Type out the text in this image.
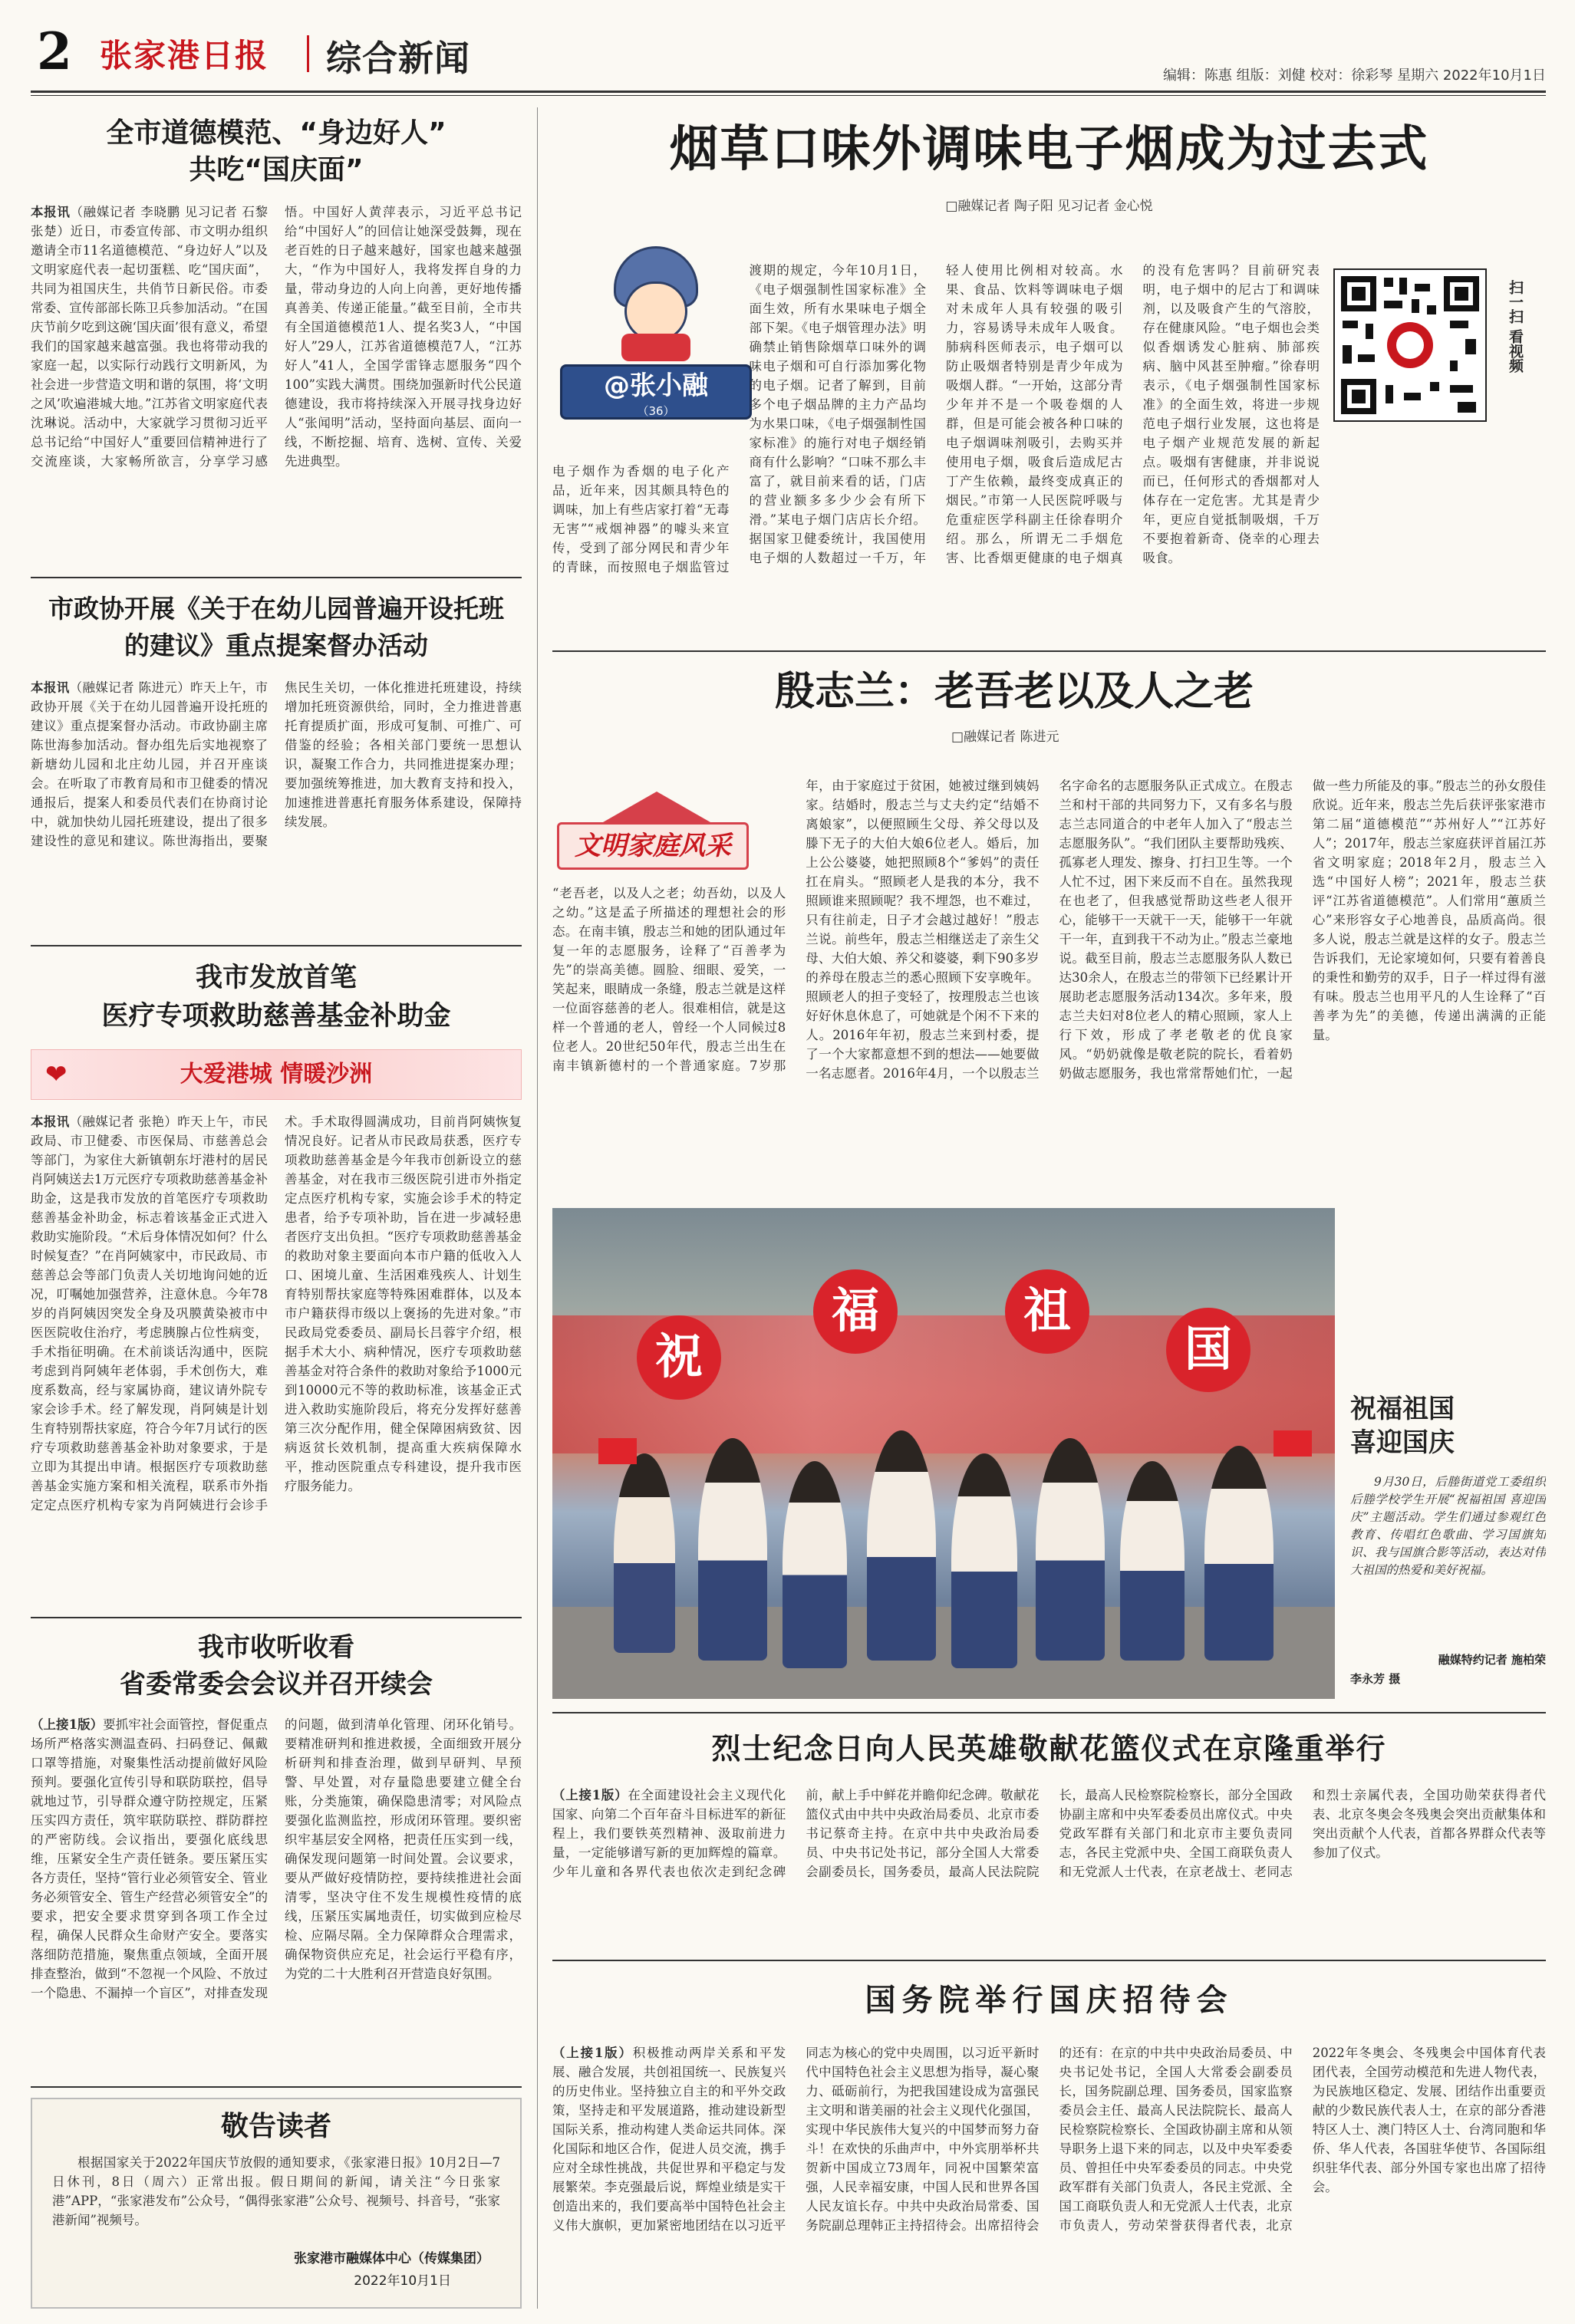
2 张家港日报 综合新闻	编辑：陈惠 组版：刘健 校对：徐彩琴 星期六 2022年10月1日
全市道德模范、“身边好人”
共吃“国庆面”
本报讯（融媒记者 李晓鹏 见习记者 石黎 张楚）近日，市委宣传部、市文明办组织邀请全市11名道德模范、“身边好人”以及文明家庭代表一起切蛋糕、吃“国庆面”，共同为祖国庆生，共俏节日新民俗。市委常委、宣传部部长陈卫兵参加活动。“在国庆节前夕吃到这碗‘国庆面’很有意义，希望我们的国家越来越富强。我也将带动我的家庭一起，以实际行动践行文明新风，为社会进一步营造文明和谐的氛围，将‘文明之风’吹遍港城大地。”江苏省文明家庭代表沈琳说。活动中，大家就学习贯彻习近平总书记给“中国好人”重要回信精神进行了交流座谈，大家畅所欲言，分享学习感悟。中国好人黄萍表示，习近平总书记给“中国好人”的回信让她深受鼓舞，现在老百姓的日子越来越好，国家也越来越强大，“作为中国好人，我将发挥自身的力量，带动身边的人向上向善，更好地传播真善美、传递正能量。”截至目前，全市共有全国道德模范1人、提名奖3人，“中国好人”29人，江苏省道德模范7人，“江苏好人”41人，全国学雷锋志愿服务“四个100”实践大满贯。围绕加强新时代公民道德建设，我市将持续深入开展寻找身边好人“张闻明”活动，坚持面向基层、面向一线，不断挖掘、培育、选树、宣传、关爱先进典型。
市政协开展《关于在幼儿园普遍开设托班
的建议》重点提案督办活动
本报讯（融媒记者 陈进元）昨天上午，市政协开展《关于在幼儿园普遍开设托班的建议》重点提案督办活动。市政协副主席陈世海参加活动。督办组先后实地视察了新塘幼儿园和北庄幼儿园，并召开座谈会。在听取了市教育局和市卫健委的情况通报后，提案人和委员代表们在协商讨论中，就加快幼儿园托班建设，提出了很多建设性的意见和建议。陈世海指出，要聚焦民生关切，一体化推进托班建设，持续增加托班资源供给，同时，全力推进普惠托育提质扩面，形成可复制、可推广、可借鉴的经验；各相关部门要统一思想认识，凝聚工作合力，共同推进提案办理；要加强统筹推进，加大教育支持和投入，加速推进普惠托育服务体系建设，保障持续发展。
我市发放首笔
医疗专项救助慈善基金补助金
❤	大爱港城 情暖沙洲
本报讯（融媒记者 张艳）昨天上午，市民政局、市卫健委、市医保局、市慈善总会等部门，为家住大新镇朝东圩港村的居民肖阿姨送去1万元医疗专项救助慈善基金补助金，这是我市发放的首笔医疗专项救助慈善基金补助金，标志着该基金正式进入救助实施阶段。“术后身体情况如何？什么时候复查？”在肖阿姨家中，市民政局、市慈善总会等部门负责人关切地询问她的近况，叮嘱她加强营养，注意休息。今年78岁的肖阿姨因突发全身及巩膜黄染被市中医医院收住治疗，考虑胰腺占位性病变，手术指征明确。在术前谈话沟通中，医院考虑到肖阿姨年老体弱，手术创伤大，难度系数高，经与家属协商，建议请外院专家会诊手术。经了解发现，肖阿姨是计划生育特别帮扶家庭，符合今年7月试行的医疗专项救助慈善基金补助对象要求，于是立即为其提出申请。根据医疗专项救助慈善基金实施方案和相关流程，联系市外指定定点医疗机构专家为肖阿姨进行会诊手术。手术取得圆满成功，目前肖阿姨恢复情况良好。记者从市民政局获悉，医疗专项救助慈善基金是今年我市创新设立的慈善基金，对在我市三级医院引进市外指定定点医疗机构专家，实施会诊手术的特定患者，给予专项补助，旨在进一步减轻患者医疗支出负担。“医疗专项救助慈善基金的救助对象主要面向本市户籍的低收入人口、困境儿童、生活困难残疾人、计划生育特别帮扶家庭等特殊困难群体，以及本市户籍获得市级以上褒扬的先进对象。”市民政局党委委员、副局长吕蓉宇介绍，根据手术大小、病种情况，医疗专项救助慈善基金对符合条件的救助对象给予1000元到10000元不等的救助标准，该基金正式进入救助实施阶段后，将充分发挥好慈善第三次分配作用，健全保障困病致贫、因病返贫长效机制，提高重大疾病保障水平，推动医院重点专科建设，提升我市医疗服务能力。
我市收听收看
省委常委会会议并召开续会
（上接1版）要抓牢社会面管控，督促重点场所严格落实测温查码、扫码登记、佩戴口罩等措施，对聚集性活动提前做好风险预判。要强化宣传引导和联防联控，倡导就地过节，引导群众遵守防控规定，压紧压实四方责任，筑牢联防联控、群防群控的严密防线。会议指出，要强化底线思维，压紧安全生产责任链条。要压紧压实各方责任，坚持“管行业必须管安全、管业务必须管安全、管生产经营必须管安全”的要求，把安全要求贯穿到各项工作全过程，确保人民群众生命财产安全。要落实落细防范措施，聚焦重点领域，全面开展排查整治，做到“不忽视一个风险、不放过一个隐患、不漏掉一个盲区”，对排查发现的问题，做到清单化管理、闭环化销号。要精准研判和推进救援，全面细致开展分析研判和排查治理，做到早研判、早预警、早处置，对存量隐患要建立健全台账，分类施策，确保隐患清零；对风险点要强化监测监控，形成闭环管理。要织密织牢基层安全网格，把责任压实到一线，确保发现问题第一时间处置。会议要求，要从严做好疫情防控，要持续推进社会面清零，坚决守住不发生规模性疫情的底线，压紧压实属地责任，切实做到应检尽检、应隔尽隔。全力保障群众合理需求，确保物资供应充足，社会运行平稳有序，为党的二十大胜利召开营造良好氛围。
敬告读者
根据国家关于2022年国庆节放假的通知要求，《张家港日报》10月2日—7日休刊，8日（周六）正常出报。假日期间的新闻，请关注“今日张家港”APP，“张家港发布”公众号，“偶得张家港”公众号、视频号、抖音号，“张家港新闻”视频号。
张家港市融媒体中心（传媒集团）
2022年10月1日
烟草口味外调味电子烟成为过去式
□融媒记者 陶子阳 见习记者 金心悦
@张小融
（36）
扫一扫 看视频
电子烟作为香烟的电子化产品，近年来，因其颇具特色的调味，加上有些店家打着“无毒无害”“戒烟神器”的噱头来宣传，受到了部分网民和青少年的青睐，而按照电子烟监管过渡期的规定，今年10月1日，《电子烟强制性国家标准》全面生效，所有水果味电子烟全部下架。《电子烟管理办法》明确禁止销售除烟草口味外的调味电子烟和可自行添加雾化物的电子烟。记者了解到，目前多个电子烟品牌的主力产品均为水果口味，《电子烟强制性国家标准》的施行对电子烟经销商有什么影响？“口味不那么丰富了，就目前来看的话，门店的营业额多多少少会有所下滑。”某电子烟门店店长介绍。据国家卫健委统计，我国使用电子烟的人数超过一千万，年轻人使用比例相对较高。水果、食品、饮料等调味电子烟对未成年人具有较强的吸引力，容易诱导未成年人吸食。肺病科医师表示，电子烟可以防止吸烟者特别是青少年成为吸烟人群。“一开始，这部分青少年并不是一个吸卷烟的人群，但是可能会被各种口味的电子烟调味剂吸引，去购买并使用电子烟，吸食后造成尼古丁产生依赖，最终变成真正的烟民。”市第一人民医院呼吸与危重症医学科副主任徐春明介绍。那么，所谓无二手烟危害、比香烟更健康的电子烟真的没有危害吗？目前研究表明，电子烟中的尼古丁和调味剂，以及吸食产生的气溶胶，存在健康风险。“电子烟也会类似香烟诱发心脏病、肺部疾病、脑中风甚至肿瘤。”徐春明表示，《电子烟强制性国家标准》的全面生效，将进一步规范电子烟行业发展，这也将是电子烟产业规范发展的新起点。吸烟有害健康，并非说说而已，任何形式的香烟都对人体存在一定危害。尤其是青少年，更应自觉抵制吸烟，千万不要抱着新奇、侥幸的心理去吸食。
殷志兰：老吾老以及人之老
□融媒记者 陈进元
文明家庭风采
“老吾老，以及人之老；幼吾幼，以及人之幼。”这是孟子所描述的理想社会的形态。在南丰镇，殷志兰和她的团队通过年复一年的志愿服务，诠释了“百善孝为先”的崇高美德。圆脸、细眼、爱笑，一笑起来，眼睛成一条缝，殷志兰就是这样一位面容慈善的老人。很难相信，就是这样一个普通的老人，曾经一个人同候过8位老人。20世纪50年代，殷志兰出生在南丰镇新德村的一个普通家庭。7岁那年，由于家庭过于贫困，她被过继到姨妈家。结婚时，殷志兰与丈夫约定“结婚不离娘家”，以便照顾生父母、养父母以及滕下无子的大伯大娘6位老人。婚后，加上公公婆婆，她把照顾8个“爹妈”的责任扛在肩头。“照顾老人是我的本分，我不照顾谁来照顾呢？我不埋怨，也不难过，只有往前走，日子才会越过越好！”殷志兰说。前些年，殷志兰相继送走了亲生父母、大伯大娘、养父和婆婆，剩下90多岁的养母在殷志兰的悉心照顾下安享晚年。照顾老人的担子变轻了，按理殷志兰也该好好休息休息了，可她就是个闲不下来的人。2016年年初，殷志兰来到村委，提了一个大家都意想不到的想法——她要做一名志愿者。2016年4月，一个以殷志兰名字命名的志愿服务队正式成立。在殷志兰和村干部的共同努力下，又有多名与殷志兰志同道合的中老年人加入了“殷志兰志愿服务队”。“我们团队主要帮助残疾、孤寡老人理发、擦身、打扫卫生等。一个人忙不过，困下来反而不自在。虽然我现在也老了，但我感觉帮助这些老人很开心，能够干一天就干一天，能够干一年就干一年，直到我干不动为止。”殷志兰豪地说。截至目前，殷志兰志愿服务队人数已达30余人，在殷志兰的带领下已经累计开展助老志愿服务活动134次。多年来，殷志兰夫妇对8位老人的精心照顾，家人上行下效，形成了孝老敬老的优良家风。“奶奶就像是敬老院的院长，看着奶奶做志愿服务，我也常常帮她们忙，一起做一些力所能及的事。”殷志兰的孙女殷佳欣说。近年来，殷志兰先后获评张家港市第二届“道德模范”“苏州好人”“江苏好人”；2017年，殷志兰家庭获评首届江苏省文明家庭；2018年2月，殷志兰入选“中国好人榜”；2021年，殷志兰获评“江苏省道德模范”。人们常用“蕙质兰心”来形容女子心地善良，品质高尚。很多人说，殷志兰就是这样的女子。殷志兰告诉我们，无论家境如何，只要有着善良的秉性和勤劳的双手，日子一样过得有滋有味。殷志兰也用平凡的人生诠释了“百善孝为先”的美德，传递出满满的正能量。
祝
福	祖
国
祝福祖国
喜迎国庆
9月30日，后塍街道党工委组织后塍学校学生开展“祝福祖国 喜迎国庆”主题活动。学生们通过参观红色教育、传唱红色歌曲、学习国旗知识、我与国旗合影等活动，表达对伟大祖国的热爱和美好祝福。
融媒特约记者 施柏荣
李永芳 摄
烈士纪念日向人民英雄敬献花篮仪式在京隆重举行
（上接1版）在全面建设社会主义现代化国家、向第二个百年奋斗目标进军的新征程上，我们要铁英烈精神、汲取前进力量，一定能够谱写新的更加辉煌的篇章。少年儿童和各界代表也依次走到纪念碑前，献上手中鲜花并瞻仰纪念碑。敬献花篮仪式由中共中央政治局委员、北京市委书记蔡奇主持。在京中共中央政治局委员、中央书记处书记，部分全国人大常委会副委员长，国务委员，最高人民法院院长，最高人民检察院检察长，部分全国政协副主席和中央军委委员出席仪式。中央党政军群有关部门和北京市主要负责同志，各民主党派中央、全国工商联负责人和无党派人士代表，在京老战士、老同志和烈士亲属代表，全国功勋荣获得者代表、北京冬奥会冬残奥会突出贡献集体和突出贡献个人代表，首都各界群众代表等参加了仪式。
国务院举行国庆招待会
（上接1版）积极推动两岸关系和平发展、融合发展，共创祖国统一、民族复兴的历史伟业。坚持独立自主的和平外交政策，坚持走和平发展道路，推动建设新型国际关系，推动构建人类命运共同体。深化国际和地区合作，促进人员交流，携手应对全球性挑战，共促世界和平稳定与发展繁荣。李克强最后说，辉煌业绩是实干创造出来的，我们要高举中国特色社会主义伟大旗帜，更加紧密地团结在以习近平同志为核心的党中央周围，以习近平新时代中国特色社会主义思想为指导，凝心聚力、砥砺前行，为把我国建设成为富强民主文明和谐美丽的社会主义现代化强国，实现中华民族伟大复兴的中国梦而努力奋斗！在欢快的乐曲声中，中外宾朋举杯共贺新中国成立73周年，同祝中国繁荣富强，人民幸福安康，中国人民和世界各国人民友谊长存。中共中央政治局常委、国务院副总理韩正主持招待会。出席招待会的还有：在京的中共中央政治局委员、中央书记处书记，全国人大常委会副委员长，国务院副总理、国务委员，国家监察委员会主任、最高人民法院院长、最高人民检察院检察长、全国政协副主席和从领导职务上退下来的同志，以及中央军委委员、曾担任中央军委委员的同志。中央党政军群有关部门负责人，各民主党派、全国工商联负责人和无党派人士代表，北京市负责人，劳动荣誉获得者代表，北京2022年冬奥会、冬残奥会中国体育代表团代表，全国劳动模范和先进人物代表，为民族地区稳定、发展、团结作出重要贡献的少数民族代表人士，在京的部分香港特区人士、澳门特区人士、台湾同胞和华侨、华人代表，各国驻华使节、各国际组织驻华代表、部分外国专家也出席了招待会。
